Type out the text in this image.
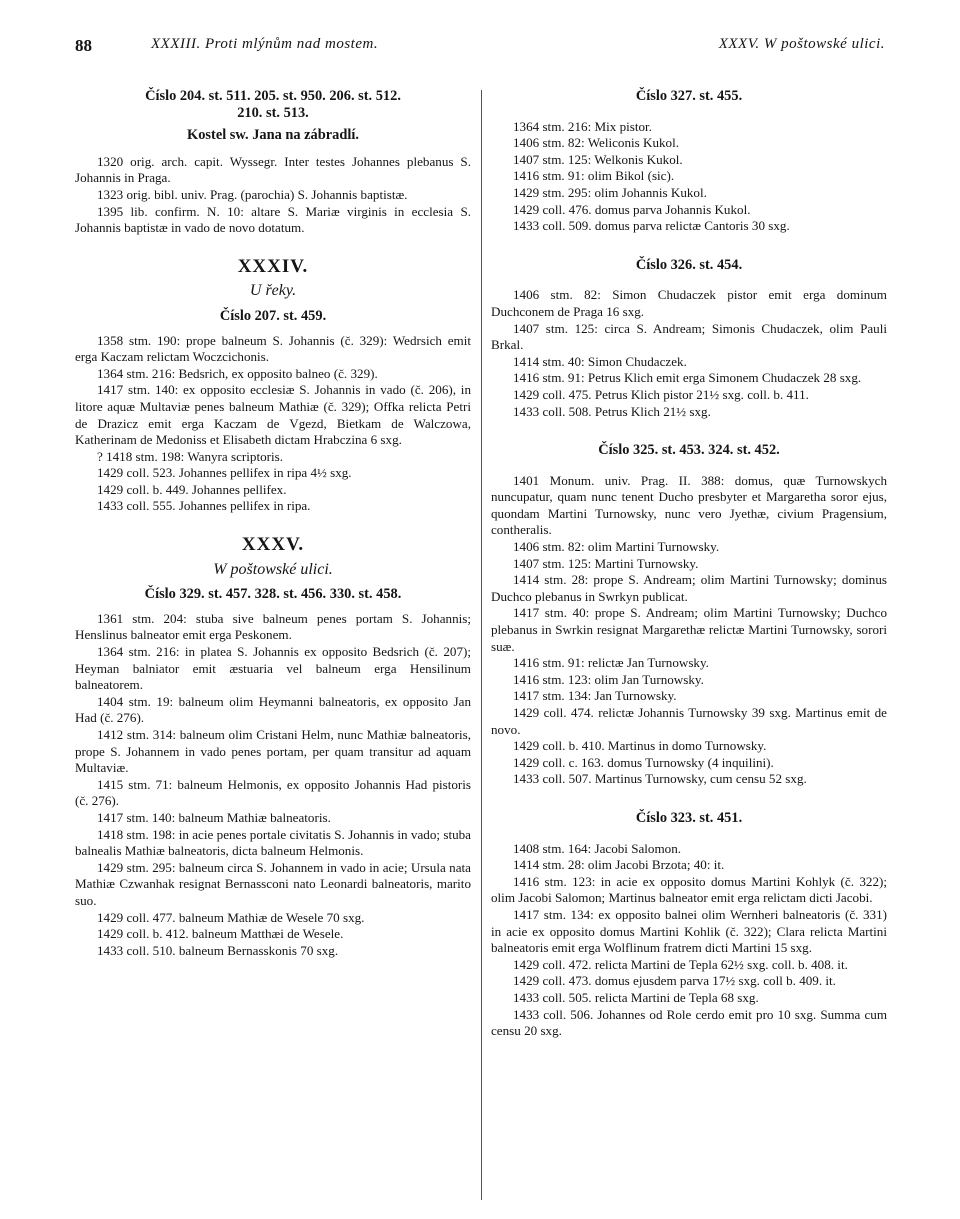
88	XXXIII. Proti mlýnům nad mostem.	XXXV. W poštowské ulici.
Číslo 204. st. 511. 205. st. 950. 206. st. 512.
210. st. 513.
Kostel sw. Jana na zábradlí.

1320 orig. arch. capit. Wyssegr. Inter testes Johannes plebanus S. Johannis in Praga.

1323 orig. bibl. univ. Prag. (parochia) S. Johannis baptistæ.

1395 lib. confirm. N. 10: altare S. Mariæ virginis in ecclesia S. Johannis baptistæ in vado de novo dotatum.

XXXIV.
U řeky.
Číslo 207. st. 459.

1358 stm. 190: prope balneum S. Johannis (č. 329): Wedrsich emit erga Kaczam relictam Woczcichonis.

1364 stm. 216: Bedsrich, ex opposito balneo (č. 329).

1417 stm. 140: ex opposito ecclesiæ S. Johannis in vado (č. 206), in litore aquæ Multaviæ penes balneum Mathiæ (č. 329); Offka relicta Petri de Drazicz emit erga Kaczam de Vgezd, Bietkam de Walczowa, Katherinam de Medoniss et Elisabeth dictam Hrabczina 6 sxg.

? 1418 stm. 198: Wanyra scriptoris.

1429 coll. 523. Johannes pellifex in ripa 4½ sxg.

1429 coll. b. 449. Johannes pellifex.

1433 coll. 555. Johannes pellifex in ripa.

XXXV.
W poštowské ulici.
Číslo 329. st. 457. 328. st. 456. 330. st. 458.

1361 stm. 204: stuba sive balneum penes portam S. Johannis; Henslinus balneator emit erga Peskonem.

1364 stm. 216: in platea S. Johannis ex opposito Bedsrich (č. 207); Heyman balniator emit æstuaria vel balneum erga Hensilinum balneatorem.

1404 stm. 19: balneum olim Heymanni balneatoris, ex opposito Jan Had (č. 276).

1412 stm. 314: balneum olim Cristani Helm, nunc Mathiæ balneatoris, prope S. Johannem in vado penes portam, per quam transitur ad aquam Multaviæ.

1415 stm. 71: balneum Helmonis, ex opposito Johannis Had pistoris (č. 276).

1417 stm. 140: balneum Mathiæ balneatoris.

1418 stm. 198: in acie penes portale civitatis S. Johannis in vado; stuba balnealis Mathiæ balneatoris, dicta balneum Helmonis.

1429 stm. 295: balneum circa S. Johannem in vado in acie; Ursula nata Mathiæ Czwanhak resignat Bernassconi nato Leonardi balneatoris, marito suo.

1429 coll. 477. balneum Mathiæ de Wesele 70 sxg.

1429 coll. b. 412. balneum Matthæi de Wesele.

1433 coll. 510. balneum Bernasskonis 70 sxg.

Číslo 327. st. 455.

1364 stm. 216: Mix pistor.

1406 stm. 82: Weliconis Kukol.

1407 stm. 125: Welkonis Kukol.

1416 stm. 91: olim Bikol (sic).

1429 stm. 295: olim Johannis Kukol.

1429 coll. 476. domus parva Johannis Kukol.

1433 coll. 509. domus parva relictæ Cantoris 30 sxg.

Číslo 326. st. 454.

1406 stm. 82: Simon Chudaczek pistor emit erga dominum Duchconem de Praga 16 sxg.

1407 stm. 125: circa S. Andream; Simonis Chudaczek, olim Pauli Brkal.

1414 stm. 40: Simon Chudaczek.

1416 stm. 91: Petrus Klich emit erga Simonem Chudaczek 28 sxg.

1429 coll. 475. Petrus Klich pistor 21½ sxg. coll. b. 411.

1433 coll. 508. Petrus Klich 21½ sxg.

Číslo 325. st. 453. 324. st. 452.

1401 Monum. univ. Prag. II. 388: domus, quæ Turnowskych nuncupatur, quam nunc tenent Ducho presbyter et Margaretha soror ejus, quondam Martini Turnowsky, nunc vero Jyethæ, civium Pragensium, contheralis.

1406 stm. 82: olim Martini Turnowsky.

1407 stm. 125: Martini Turnowsky.

1414 stm. 28: prope S. Andream; olim Martini Turnowsky; dominus Duchco plebanus in Swrkyn publicat.

1417 stm. 40: prope S. Andream; olim Martini Turnowsky; Duchco plebanus in Swrkin resignat Margarethæ relictæ Martini Turnowsky, sorori suæ.

1416 stm. 91: relictæ Jan Turnowsky.

1416 stm. 123: olim Jan Turnowsky.

1417 stm. 134: Jan Turnowsky.

1429 coll. 474. relictæ Johannis Turnowsky 39 sxg. Martinus emit de novo.

1429 coll. b. 410. Martinus in domo Turnowsky.

1429 coll. c. 163. domus Turnowsky (4 inquilini).

1433 coll. 507. Martinus Turnowsky, cum censu 52 sxg.

Číslo 323. st. 451.

1408 stm. 164: Jacobi Salomon.

1414 stm. 28: olim Jacobi Brzota; 40: it.

1416 stm. 123: in acie ex opposito domus Martini Kohlyk (č. 322); olim Jacobi Salomon; Martinus balneator emit erga relictam dicti Jacobi.

1417 stm. 134: ex opposito balnei olim Wernheri balneatoris (č. 331) in acie ex opposito domus Martini Kohlik (č. 322); Clara relicta Martini balneatoris emit erga Wolflinum fratrem dicti Martini 15 sxg.

1429 coll. 472. relicta Martini de Tepla 62½ sxg. coll. b. 408. it.

1429 coll. 473. domus ejusdem parva 17½ sxg. coll b. 409. it.

1433 coll. 505. relicta Martini de Tepla 68 sxg.

1433 coll. 506. Johannes od Role cerdo emit pro 10 sxg. Summa cum censu 20 sxg.
